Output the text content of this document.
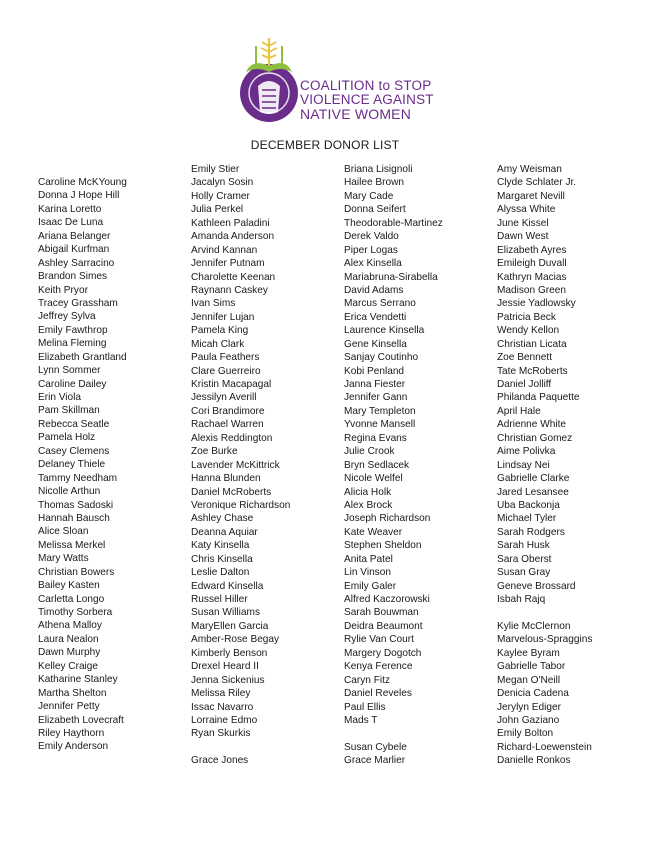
COALITION to STOP
VIOLENCE AGAINST
NATIVE WOMEN
DECEMBER DONOR LIST
Caroline McKYoung
Donna J Hope Hill
Karina Loretto
Isaac De Luna
Ariana Belanger
Abigail Kurfman
Ashley Sarracino
Brandon Simes
Keith Pryor
Tracey Grassham
Jeffrey Sylva
Emily Fawthrop
Melina Fleming
Elizabeth Grantland
Lynn Sommer
Caroline Dailey
Erin Viola
Pam Skillman
Rebecca Seatle
Pamela Holz
Casey Clemens
Delaney Thiele
Tammy Needham
Nicolle Arthun
Thomas Sadoski
Hannah Bausch
Alice Sloan
Melissa Merkel
Mary Watts
Christian Bowers
Bailey Kasten
Carletta Longo
Timothy Sorbera
Athena Malloy
Laura Nealon
Dawn Murphy
Kelley Craige
Katharine Stanley
Martha Shelton
Jennifer Petty
Elizabeth Lovecraft
Riley Haythorn
Emily Anderson
Emily Stier
Jacalyn Sosin
Holly Cramer
Julia Perkel
Kathleen Paladini
Amanda Anderson
Arvind Kannan
Jennifer Putnam
Charolette Keenan
Raynann Caskey
Ivan Sims
Jennifer Lujan
Pamela King
Micah Clark
Paula Feathers
Clare Guerreiro
Kristin Macapagal
Jessilyn Averill
Cori Brandimore
Rachael Warren
Alexis Reddington
Zoe Burke
Lavender McKittrick
Hanna Blunden
Daniel McRoberts
Veronique Richardson
Ashley Chase
Deanna Aquiar
Katy Kinsella
Chris Kinsella
Leslie Dalton
Edward Kinsella
Russel Hiller
Susan Williams
MaryEllen Garcia
Amber-Rose Begay
Kimberly Benson
Drexel Heard II
Jenna Sickenius
Melissa Riley
Issac Navarro
Lorraine Edmo
Ryan Skurkis
Grace Jones
Briana Lisignoli
Hailee Brown
Mary Cade
Donna Seifert
Theodorable-Martinez
Derek Valdo
Piper Logas
Alex Kinsella
Mariabruna-Sirabella
David Adams
Marcus Serrano
Erica Vendetti
Laurence Kinsella
Gene Kinsella
Sanjay Coutinho
Kobi Penland
Janna Fiester
Jennifer Gann
Mary Templeton
Yvonne Mansell
Regina Evans
Julie Crook
Bryn Sedlacek
Nicole Welfel
Alicia Holk
Alex Brock
Joseph Richardson
Kate Weaver
Stephen Sheldon
Anita Patel
Lin Vinson
Emily Galer
Alfred Kaczorowski
Sarah Bouwman
Deidra Beaumont
Rylie Van Court
Margery Dogotch
Kenya Ference
Caryn Fitz
Daniel Reveles
Paul Ellis
Mads T
Susan Cybele
Grace Marlier
Amy Weisman
Clyde Schlater Jr.
Margaret Nevill
Alyssa White
June Kissel
Dawn West
Elizabeth Ayres
Emileigh Duvall
Kathryn Macias
Madison Green
Jessie Yadlowsky
Patricia Beck
Wendy Kellon
Christian Licata
Zoe Bennett
Tate McRoberts
Daniel Jolliff
Philanda Paquette
April Hale
Adrienne White
Christian Gomez
Aime Polivka
Lindsay Nei
Gabrielle Clarke
Jared Lesansee
Uba Backonja
Michael Tyler
Sarah Rodgers
Sarah Husk
Sara Oberst
Susan Gray
Geneve Brossard
Isbah Rajq
Kylie McClernon
Marvelous-Spraggins
Kaylee Byram
Gabrielle Tabor
Megan O'Neill
Denicia Cadena
Jerylyn Ediger
John Gaziano
Emily Bolton
Richard-Loewenstein
Danielle Ronkos
